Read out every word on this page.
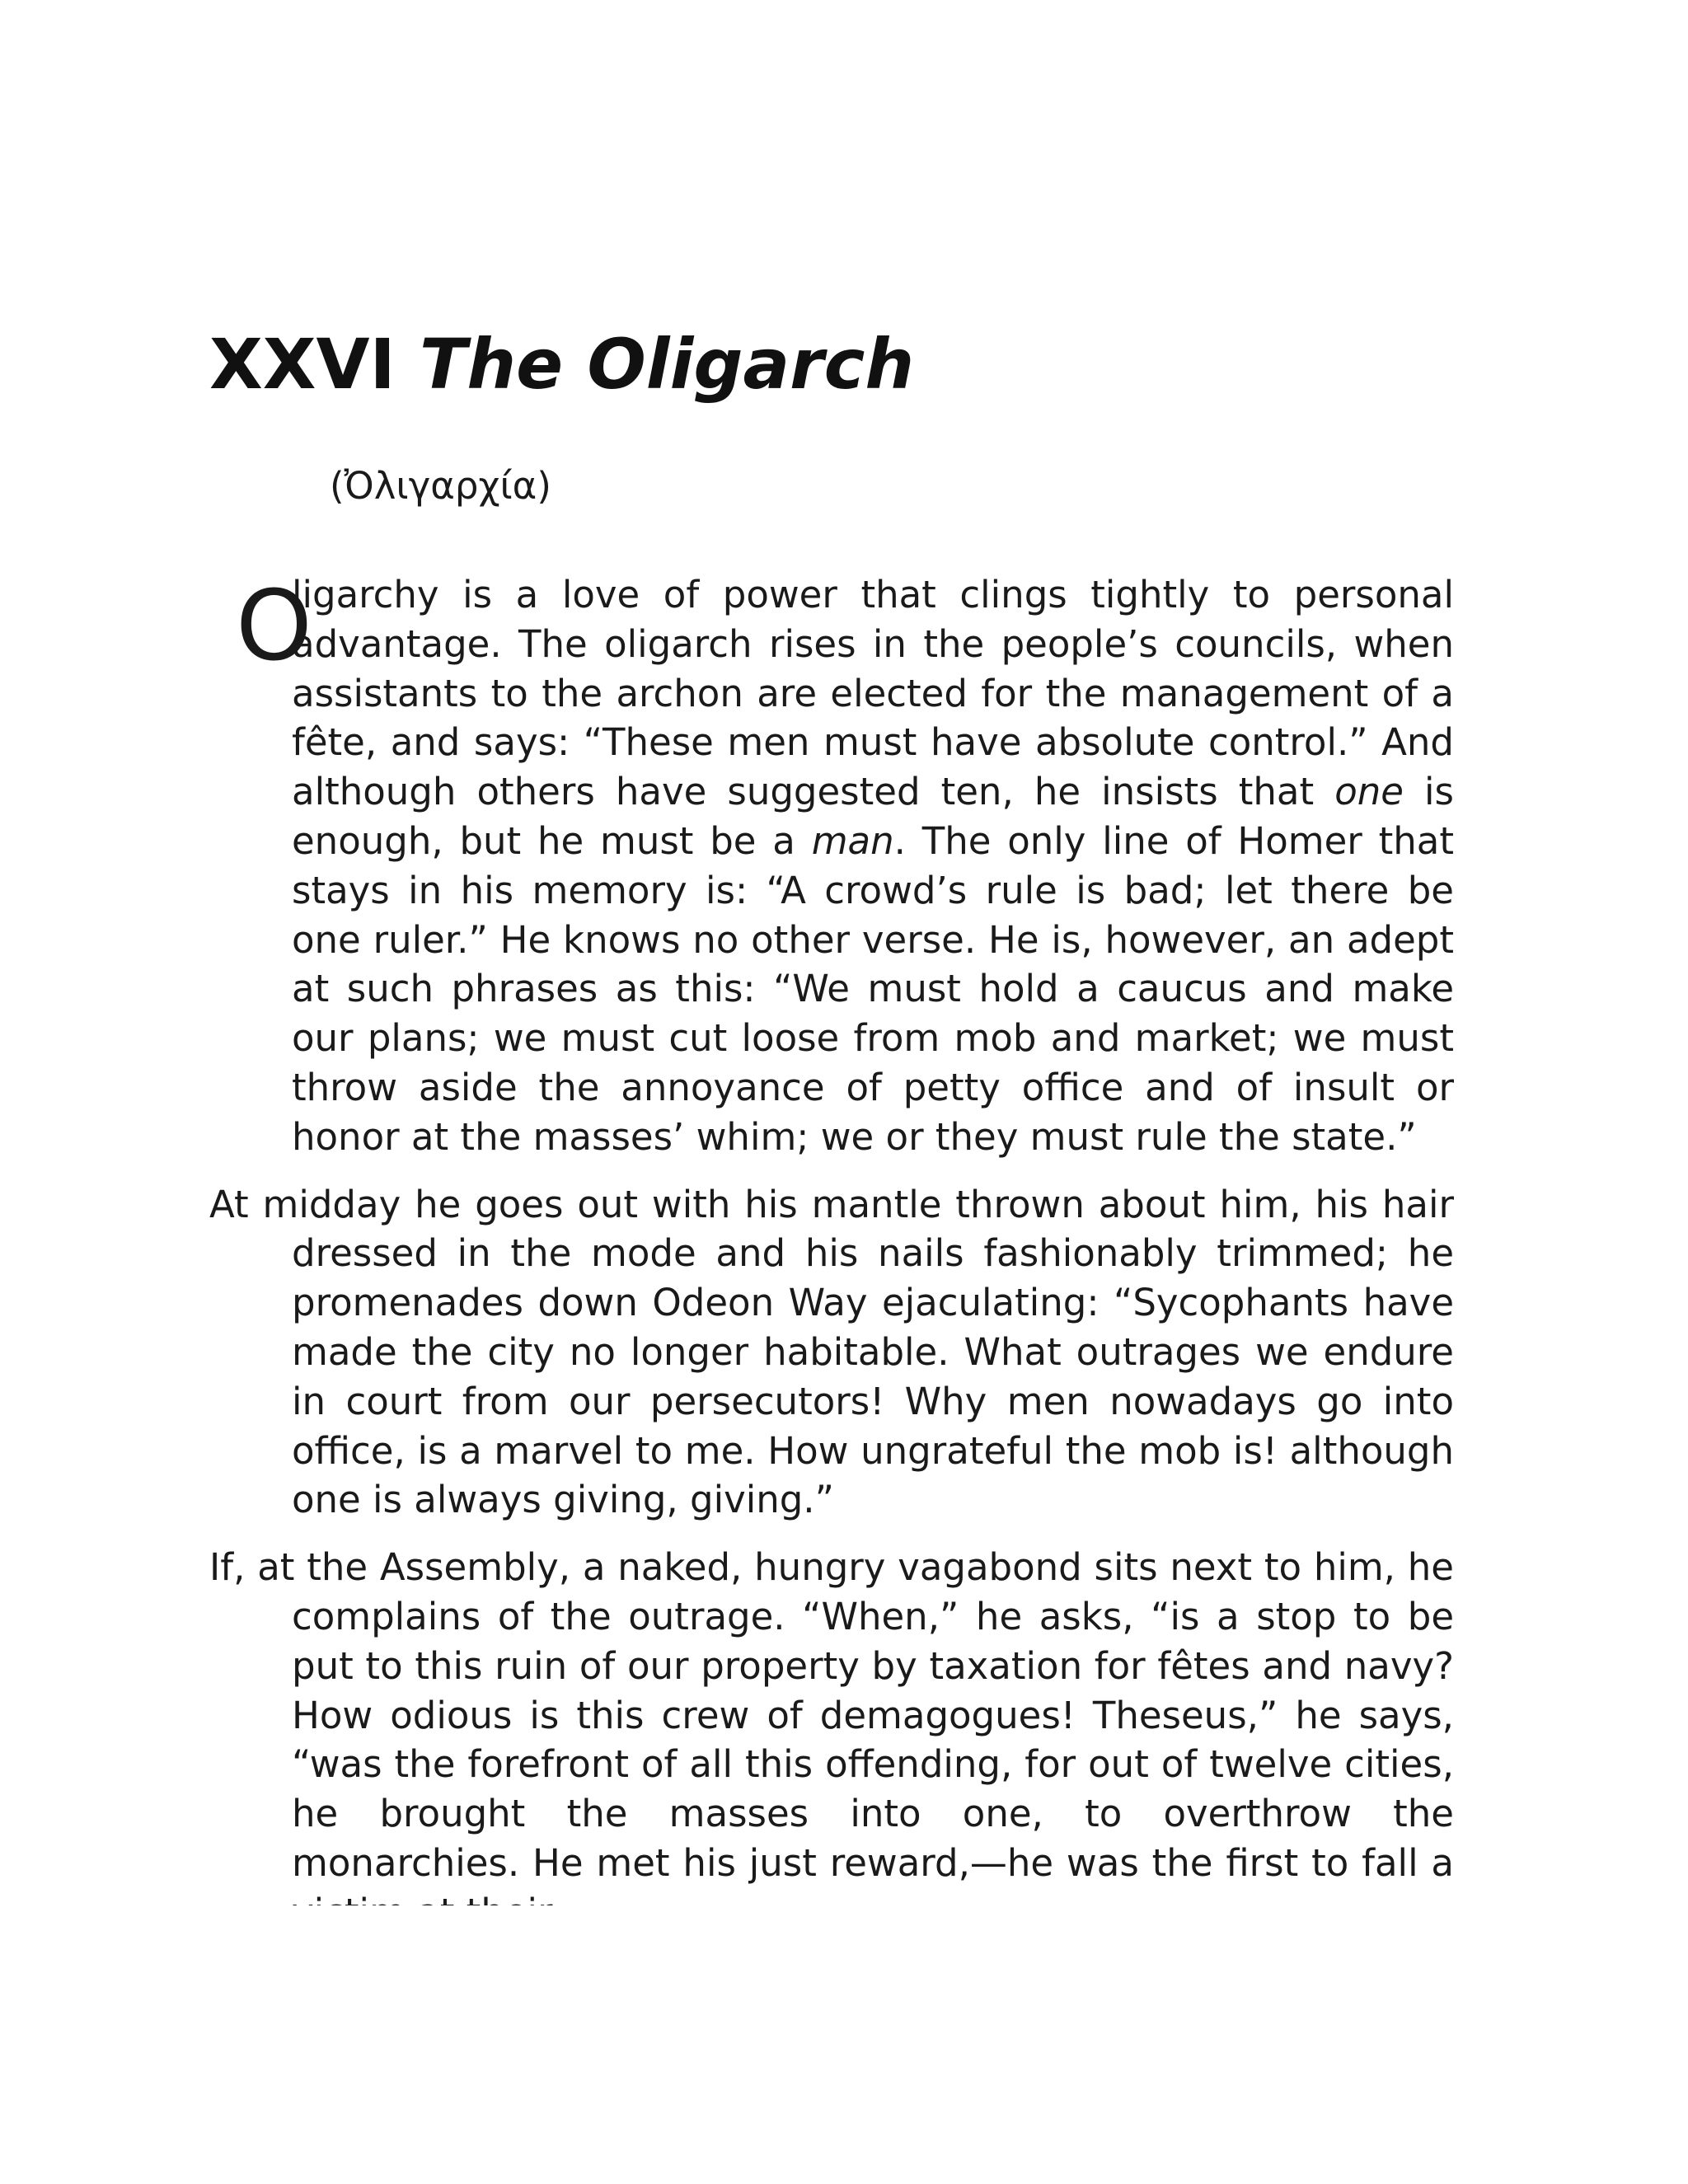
XXVI The Oligarch

(Ὀλιγαρχία)

O
ligarchy is a love of power that clings tightly to personal advantage. The oligarch rises in the people’s councils, when assistants to the archon are elected for the management of a fête, and says: “These men must have absolute control.” And although others have suggested ten, he insists that one is enough, but he must be a man. The only line of Homer that stays in his memory is: “A crowd’s rule is bad; let there be one ruler.” He knows no other verse. He is, however, an adept at such phrases as this: “We must hold a caucus and make our plans; we must cut loose from mob and market; we must throw aside the annoyance of petty office and of insult or honor at the masses’ whim; we or they must rule the state.”

At midday he goes out with his mantle thrown about him, his hair dressed in the mode and his nails fashionably trimmed; he promenades down Odeon Way ejaculating: “Sycophants have made the city no longer habitable. What outrages we endure in court from our persecutors! Why men nowadays go into office, is a marvel to me. How ungrateful the mob is! although one is always giving, giving.”

If, at the Assembly, a naked, hungry vagabond sits next to him, he complains of the outrage. “When,” he asks, “is a stop to be put to this ruin of our property by taxation for fêtes and navy? How odious is this crew of demagogues! Theseus,” he says, “was the forefront of all this offending, for out of twelve cities, he brought the masses into one, to overthrow the monarchies. He met his just reward,—he was the first to fall a
